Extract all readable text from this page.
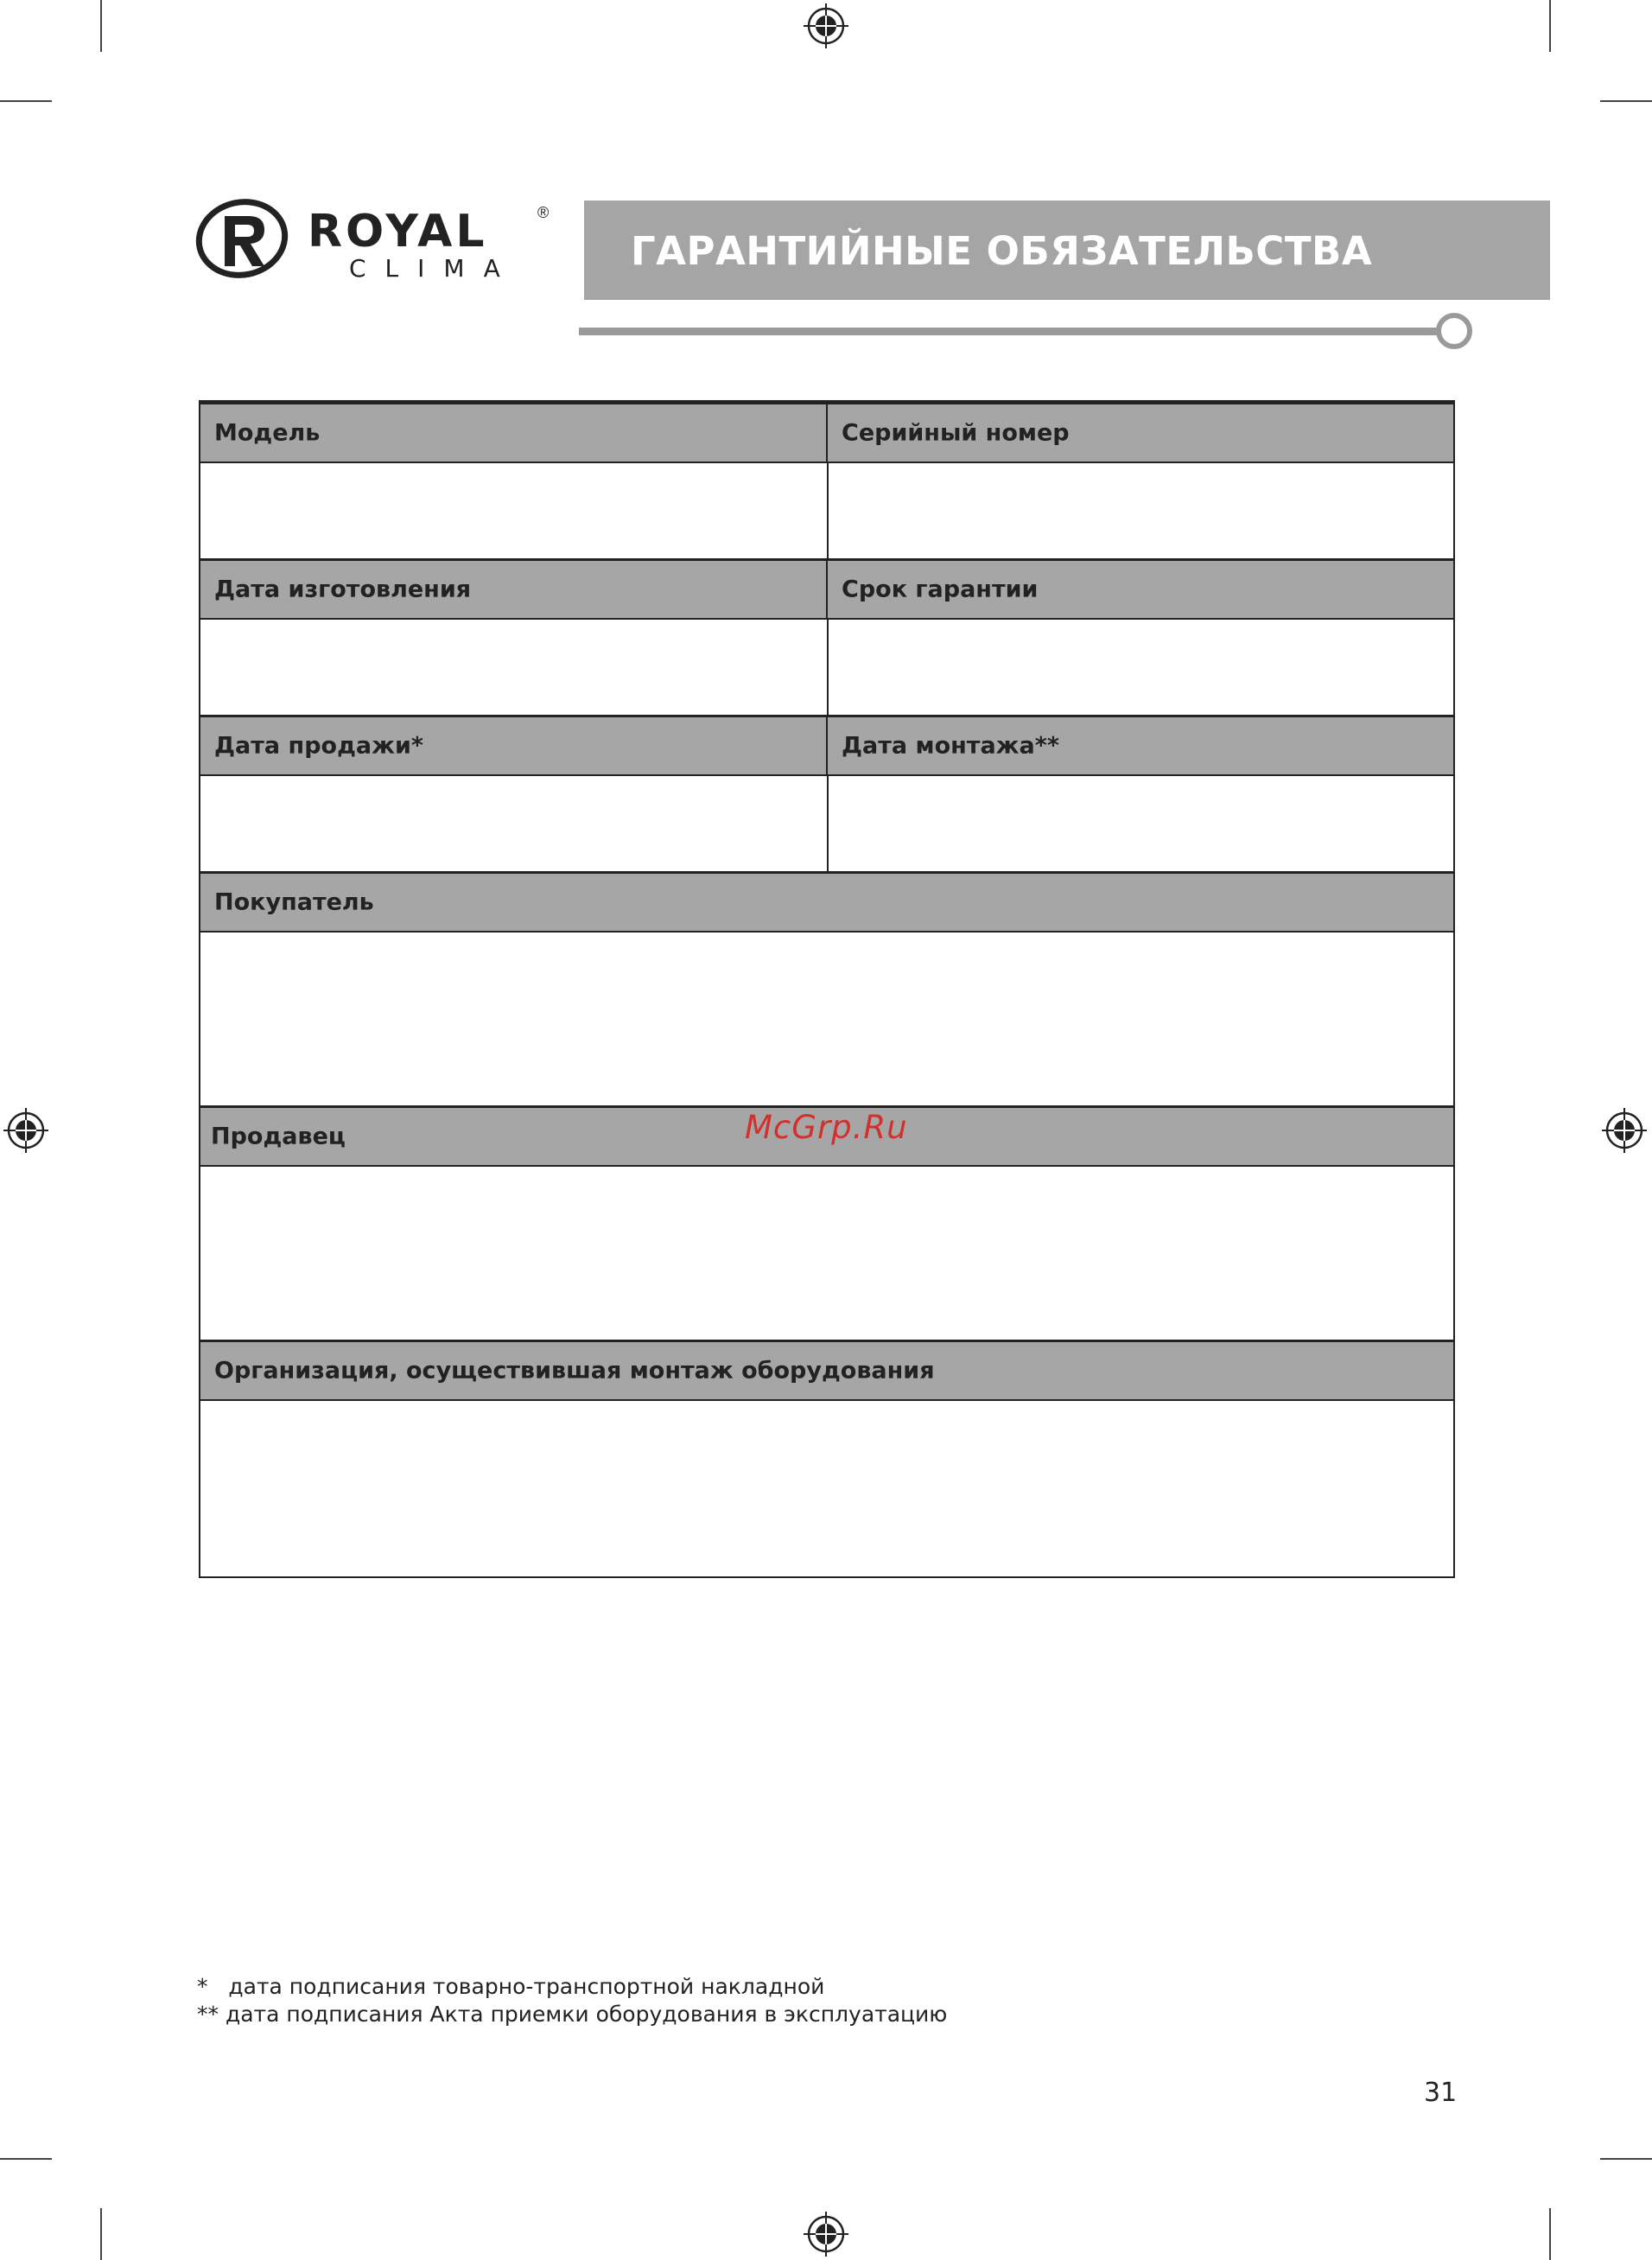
ROYAL	®
CLIMA	ГАРАНТИЙНЫЕ ОБЯЗАТЕЛЬСТВА
Модель	Серийный номер
Дата изготовления	Срок гарантии
Дата продажи*	Дата монтажа**
Покупатель
Продавец
Организация, осуществившая монтаж оборудования
McGrp.Ru
*   дата подписания товарно-транспортной накладной
** дата подписания Акта приемки оборудования в эксплуатацию
31
